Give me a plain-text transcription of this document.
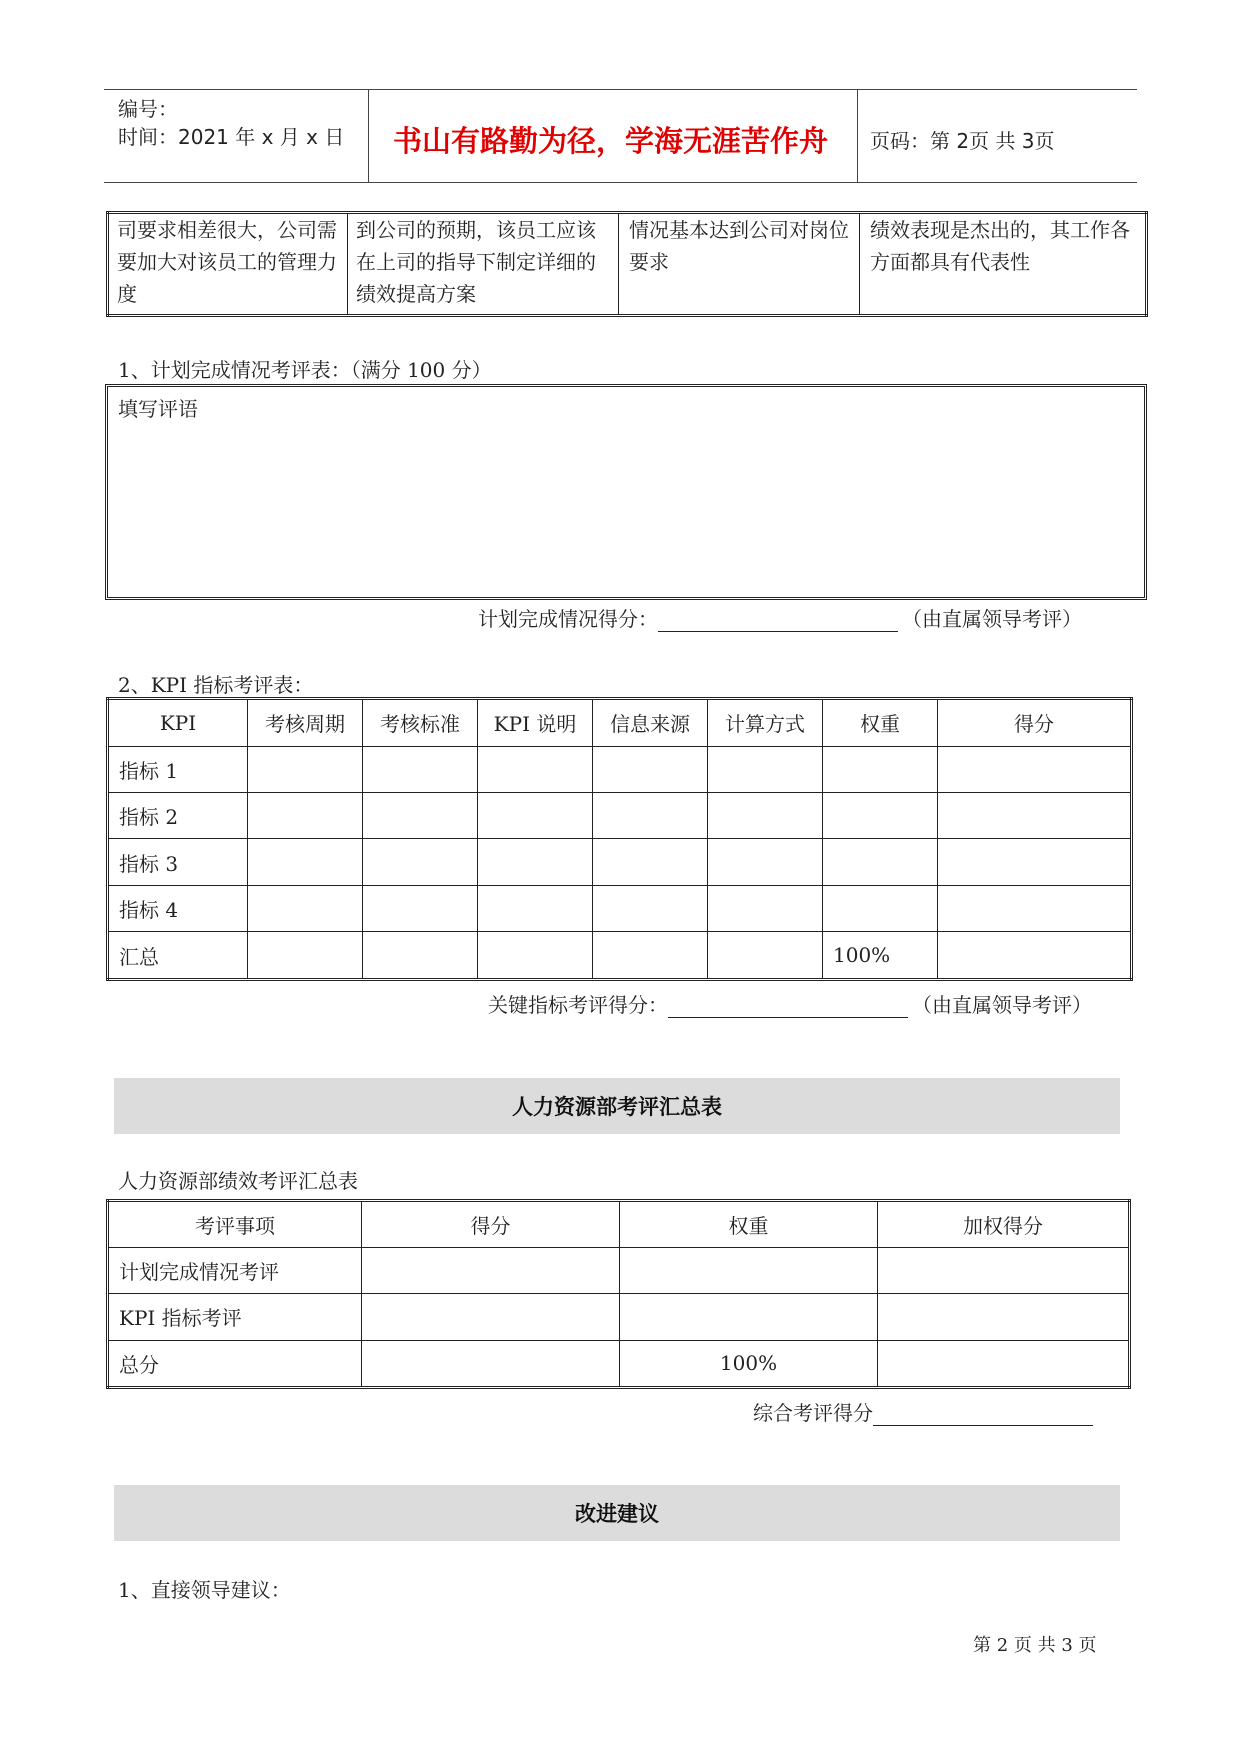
编号：
时间：2021 年 x 月 x 日 书山有路勤为径，学海无涯苦作舟 页码：第 2页 共 3页
司要求相差很大，公司需要加大对该员工的管理力度	到公司的预期，该员工应该在上司的指导下制定详细的绩效提高方案	情况基本达到公司对岗位要求	绩效表现是杰出的，其工作各方面都具有代表性
1、计划完成情况考评表：（满分 100 分）
填写评语
计划完成情况得分：	（由直属领导考评）
2、KPI 指标考评表：
KPI	考核周期	考核标准	KPI 说明	信息来源	计算方式	权重	得分
指标 1							
指标 2							
指标 3							
指标 4							
汇总						100%	
关键指标考评得分：	（由直属领导考评）
人力资源部考评汇总表
人力资源部绩效考评汇总表
考评事项	得分	权重	加权得分
计划完成情况考评			
KPI 指标考评			
总分		100%	
综合考评得分
改进建议
1、直接领导建议：
第 2 页 共 3 页
